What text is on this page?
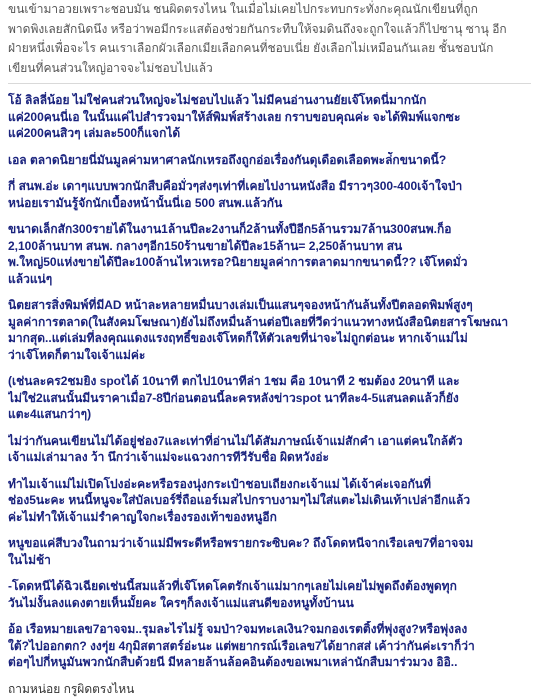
ขนเข้ามาอวยเพราะชอบมัน ชนผิดตรงไหน ในเมื่อไม่เคยไปกระทบกระทั่งกะคุณนักเขียนที่ถูก
พาดพิงเลยสักนิดนึง หรือว่าพอมีกระแสต้องช่วยกันกระทืบให้จมดินถึงจะถูกใจแล้วก็ไปซานุ ซานุ อีก
ฝ่ายหนึ่งเพื่อจะไร คนเราเลือกผัวเลือกเมียเลือกคนที่ชอบเนี่ย ยังเลือกไม่เหมือนกันเลย ชั้นชอบนัก
เขียนที่คนส่วนใหญ่อาจจะไม่ชอบไปแล้ว
โอ้ ลิลลี่น้อย ไม่ใช่คนส่วนใหญ่จะไม่ชอบไปแล้ว ไม่มีคนอ่านงานยัยเจ๊โหดนี่มากนัก
แค่200คนนี่เอ ในนั้นแค่ไปสำรวจมาให้ส์พิมพ์สร้างเลย กราบขอบคุณค่ะ จะได้พิมพ์แจกซะ
แค่200คนสิวๆ เล่มละ500ก็แจกได้
เอล ตลาดนิยายนี่มันมูลค่ามหาศาลนักเหรอถึงถูกอ่อเรื่องกันดุเดือดเลือดพะล่ักขนาดนี้?
กี่ สนพ.อ่ะ เดาๆแบบพวกนักสืบคือมั่วๆส่งๆเท่าที่เคยไปงานหนังสือ มีราวๆ300-400เจ้าใจป่า
หน่อยเรามันรู้จักนักเบื้องหน้านั้นนี่เอ 500 สนพ.แล้วกัน
ขนาดเล็กสัก300รายได้ในงาน1ล้านปีละ2งานก็2ล้านทั้งปีอีก5ล้านรวม7ล้าน300สนพ.ก็อ
2,100ล้านบาท สนพ. กลางๆอีก150ร้านขายได้ปีละ15ล้าน= 2,250ล้านบาท สน
พ.ใหญ่50แห่งขายได้ปีละ100ล้านไหวเหรอ?นิยายมูลค่าการตลาดมากขนาดนี้?? เจ๊โหดมั่ว
แล้วแน่ๆ
นิตยสารสิ่งพิมพ์ที่มีAD หน้าละหลายหมื่นบางเล่มเป็นแสนๆจองหน้ากันล้นทั้งปีตลอดพิมพ์สูงๆ
มูลค่าการตลาด(ในสังคมโฆษณา)ยังไม่ถึงหมื่นล้านต่อปีเลยที่วีดว่าแนวทางหนังสือนิตยสารโฆษณา
มากสุด..แต่เล่มที่ลงคุณแดงแรงฤทธิ์ของเจ๊โหดก็ให้ตัวเลขที่น่าจะไม่ถูกต่อนะ หากเจ้าแม่ไม่
ว่าเจ๊โหดก็ตามใจเจ้าแม่ค่ะ
(เช่นละคร2ชมยิง spotได้ 10นาที ตกไป10นาทีล่า 1ชม คือ 10นาที 2 ชมต้อง 20นาที และ
ไม่ใช่2แสนนั้นมีนราคาเมื่อ7-8ปีก่อนตอนนี้ละครหลังข่าวspot นาทีละ4-5แสนลดแล้วก็ยัง
แตะ4แสนกว่าๆ)
ไม่ว่ากันคนเขียนไม่ได้อยู่ช่อง7และเท่าที่อ่านไม่ได้สัมภาษณ์เจ้าแม่สักคำ เอาแต่คนใกล้ตัว
เจ้าแม่เล่ามาลง ว้า นึกว่าเจ้าแม่จะแฉวงการทีวีรับชื่อ ผิดหวังอ่ะ
ทำไมเจ้าแม่ไม่เปิดโปงอ่ะคะหรือรองนุ่งกระเป๋าชอบเถียงกะเจ้าแม่ ได้เจ้าค่ะเจอกันที่
ช่อง5นะคะ หนนี้หนูจะใส่บัลเบอร์รี่ถือแอร์เมสไปกราบงามๆไม่ใส่แตะไม่เดินเท้าเปล่าอีกแล้ว
ค่ะไม่ทำให้เจ้าแม่รำคาญใจกะเรื่องรองเท้าของหนูอีก
หนูขอแค่สีบวงในถามว่าเจ้าแม่มีพระดีหรือพรายกระซิบคะ? ถึงโดดหนีจากเรือเลข7ที่อาจจม
ในไม่ช้า
-โดดหนีได้ฉิวเฉียดเช่นนี้สมแล้วที่เจ๊โหดโคตรักเจ้าแม่มากๆเลยไม่เคยไม่พูดถึงต้องพูดทุก
วันไม่งั้นลงแดงตายเห็นมั้ยคะ ใครๆก็ลงเจ้าแม่แสนดีของหนูทั้งบ้านน
อ้อ เรือหมายเลข7อาจจม..รุมละไรไม่รู้ จมป่า?จมทะเลเงิน?จมกองเรตติ้งที่พุ่งสูง?หรือพุ่งลง
ใต้?ไปออกตก? งงๆุ่ย 4กุมิสตาสตร์อ่ะนะ แต่พยากรณ์เรือเลข7ได้ยากสส่ เค้าว่ากันค่ะเราก็ว่า
ต่อๆไปกี่หนูมันพวกนักสืบด้วยนี มีหลายล้านล้อคอินต้องขอเพมาเหล่านักสืบมาร่วมวง อิอิ..
ถามหน่อย กรูผิดตรงไหน
